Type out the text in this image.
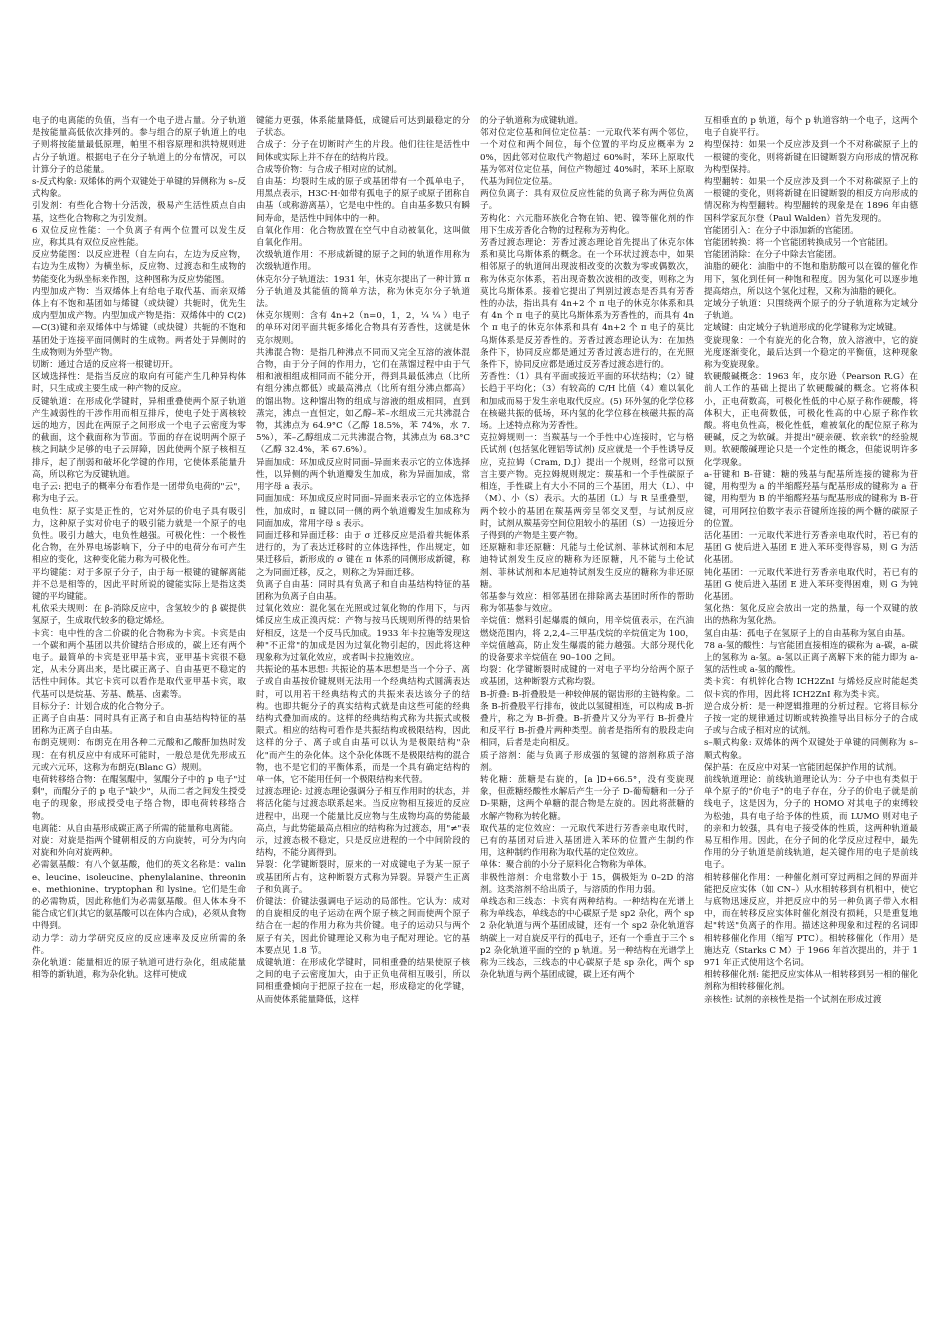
电子的电离能的负值，当有一个电子进占量。分子轨道是按能量高低依次排列的。参与组合的原子轨道上的电子则将按能量最低原理，帕里不相容原理和洪特规则进占分子轨道。根据电子在分子轨道上的分布情况，可以计算分子的总能量。

s-反式构象: 双烯体的两个双键处于单键的异侧称为 s–反式构象。

引发剂：有些化合物十分活泼，极易产生活性质点自由基，这些化合物称之为引发剂。

6 双位反应性能：一个负离子有两个位置可以发生反应，称其具有双位反应性能。

反应势能图：以反应进程（自左向右，左边为反应物，右边为生成物）为横坐标，反应物、过渡态和生成物的势能变化为纵坐标来作图，这种图称为反应势能图。

内型加成产物：当双烯体上有给电子取代基、而亲双烯体上有不饱和基团如与烯键（或炔键）共轭时，优先生成内型加成产物。内型加成产物是指：双烯体中的 C(2)—C(3)键和亲双烯体中与烯键（或炔键）共轭的不饱和基团处于连接平面同侧时的生成物。两者处于异侧时的生成物则为外型产物。

切断：通过合适的反应将一根键切开。

区域选择性：是指当反应的取向有可能产生几种异构体时，只生成或主要生成一种产物的反应。

反键轨道：在形成化学键时，异相重叠使两个原子轨道产生减弱性的干涉作用而相互排斥，使电子处于离核较远的地方，因此在两原子之间形成一个电子云密度为零的截面，这个截面称为节面。节面的存在说明两个原子核之间缺少足够的电子云屏障，因此使两个原子核相互排斥，起了削弱和破坏化学键的作用，它使体系能量升高，所以称它为反键轨道。

电子云: 把电子的概率分布看作是一团带负电荷的"云"，称为电子云。

电负性：原子实是正性的，它对外层的价电子具有吸引力，这种原子实对价电子的吸引能力就是一个原子的电负性。吸引力越大，电负性越强。可极化性：一个极性化合物，在外界电场影响下，分子中的电荷分布可产生相应的变化，这种变化能力称为可极化性。

平均键能：对于多原子分子，由于每一根键的键解离能并不总是相等的，因此平时所说的键能实际上是指这类键的平均键能。

札依采夫规则：在 β-消除反应中，含氢较少的 β 碳提供氢原子，生成取代较多的稳定烯烃。

卡宾：电中性的含二价碳的化合物称为卡宾。卡宾是由一个碳和两个基团以共价键结合形成的，碳上还有两个电子。最简单的卡宾是亚甲基卡宾，亚甲基卡宾很不稳定，从未分离出来，是比碳正离子、自由基更不稳定的活性中间体。其它卡宾可以看作是取代亚甲基卡宾，取代基可以是烷基、芳基、酰基、卤素等。

目标分子：计划合成的化合物分子。

正离子自由基：同时具有正离子和自由基结构特征的基团称为正离子自由基。

布朗克规则：布朗克在用各种二元酸和乙酸酐加热时发现：在有机反应中有成环可能时，一般总是优先形成五元或六元环，这称为布朗克(Blanc G）规则。

电荷转移络合物：在醌氢醌中，氢醌分子中的 p 电子"过剩"，而醌分子的 p 电子"缺少"，从而二者之间发生授受电子的现象，形成授受电子络合物，即电荷转移络合物。

电离能：从自由基形成碳正离子所需的能量称电离能。

对旋：对旋是指两个键朝相反的方向旋转，可分为内向对旋和外向对旋两种。

必需氨基酸：有八个氨基酸，他们的英文名称是：valine、leucine、isoleucine、phenylalanine、threonine、methionine、tryptophan 和 lysine。它们是生命的必需物质，因此称他们为必需氨基酸。但人体本身不能合成它们(其它的氨基酸可以在体内合成)，必须从食物中得到。

动力学：动力学研究反应的反应速率及反应所需的条件。

杂化轨道：能量相近的原子轨道可进行杂化，组成能量相等的新轨道，称为杂化轨。这样可使成

键能力更强，体系能量降低，成键后可达到最稳定的分子状态。

合成子：分子在切断时产生的片段。他们往往是活性中间体或实际上并不存在的结构片段。

合成等价物：与合成子相对应的试剂。

自由基：均裂时生成的原子或基团带有一个孤单电子，用黑点表示，H3C·H·如带有孤电子的原子或原子团称自由基（或称游离基），它是电中性的。自由基多数只有瞬间寿命，是活性中间体中的一种。

自氧化作用：化合物放置在空气中自动被氧化，这叫做自氧化作用。

次级轨道作用：不形成新键的原子之间的轨道作用称为次级轨道作用。

休克尔分子轨道法：1931 年，休克尔提出了一种计算 π 分子轨道及其能值的简单方法，称为休克尔分子轨道法。

休克尔规则：含有 4n+2（n=0，1，2，¼ ¼ ）电子的单环对闭平面共轭多烯化合物具有芳香性，这就是休克尔规则。

共沸混合物：是指几种沸点不同而又完全互溶的液体混合物，由于分子间的作用力，它们在蒸馏过程中由于气相和液相组成相同而不能分开，得到具最低沸点（比所有组分沸点都低）或最高沸点（比所有组分沸点都高）的馏出物。这种馏出物的组成与溶液的组成相同，直到蒸完，沸点一直恒定，如乙醇–苯–水组成三元共沸混合物，其沸点为 64.9°C（乙醇 18.5%，苯 74%，水 7.5%），苯–乙醇组成二元共沸混合物，其沸点为 68.3°C（乙醇 32.4%，苯 67.6%）。

异面加成：环加成反应时同面–异面来表示它的立体选择性，以异侧的两个轨道瓣发生加成，称为异面加成，常用字母 a 表示。

同面加成：环加成反应时同面–异面来表示它的立体选择性，加成时，π 键以同一侧的两个轨道瓣发生加成称为同面加成，常用字母 s 表示。

同面迁移和异面迁移：由于 σ 迁移反应是沿着共轭体系进行的，为了表达迁移时的立体选择性，作出规定，如果迁移后，新形成的 σ 键在 π 体系的同侧形成新键，称之为同面迁移，反之，则称之为异面迁移。

负离子自由基：同时具有负离子和自由基结构特征的基团称为负离子自由基。

过氧化效应：混化氢在光照或过氧化物的作用下，与丙烯反应生成正溴丙烷：产物与按马氏规则所得的结果恰好相反，这是一个反马氏加成。1933 年卡拉施等发现这种"不正常"的加成是因为过氧化物引起的，因此将这种现象称为过氧化效应，或者叫卡拉施效应。

共振论的基本思想: 共振论的基本思想是当一个分子、离子或自由基按价键规则无法用一个经典结构式圆满表达时，可以用若干经典结构式的共振来表达该分子的结构。也即共轭分子的真实结构式就是由这些可能的经典结构式叠加而成的。这样的经典结构式称为共振式或极限式。相应的结构可看作是共振结构或极限结构，因此这样的分子、离子或自由基可以认为是极限结构"杂化"而产生的杂化体。这个杂化体既不是极限结构的混合物，也不是它们的平衡体系，而是一个具有确定结构的单一体，它不能用任何一个极限结构来代替。

过渡态理论: 过渡态理论强调分子相互作用时的状态，并将活化能与过渡态联系起来。当反应物相互接近的反应进程中，出现一个能量比反应物与生成物均高的势能最高点，与此势能最高点相应的结构称为过渡态，用"≠"表示，过渡态极不稳定，只是反应进程的一个中间阶段的结构，不能分离得到。

异裂：化学键断裂时，原来的一对成键电子为某一原子或基团所占有，这种断裂方式称为异裂。异裂产生正离子和负离子。

价键法：价键法强调电子运动的局部性。它认为：成对的自旋相反的电子运动在两个原子核之间而使两个原子结合在一起的作用力称为共价键。电子的运动只与两个原子有关，因此价键理论又称为电子配对理论。它的基本要点见 1.8 节。

成键轨道：在形成化学键时，同相重叠的结果使原子核之间的电子云密度加大，由于正负电荷相互吸引，所以同相重叠倾向于把原子拉在一起，形成稳定的化学键，从而使体系能量降低，这样

的分子轨道称为成键轨道。

邻对位定位基和间位定位基：一元取代苯有两个邻位，一个对位和两个间位，每个位置的平均反应概率为 20%，因此邻对位取代产物超过 60%时，苯环上原取代基为邻对位定位基，间位产物超过 40%时，苯环上原取代基为间位定位基。

两位负离子：具有双位反应性能的负离子称为两位负离子。

芳构化：六元脂环族化合物在铂、钯、镍等催化剂的作用下生成芳香化合物的过程称为芳构化。

芳香过渡态理论：芳香过渡态理论首先提出了休克尔体系和莫比乌斯体系的概念。在一个环状过渡态中，如果相邻原子的轨道间出现波相改变的次数为零或偶数次，称为休克尔体系，若出现奇数次波相的改变，则称之为莫比乌斯体系。接着它提出了判别过渡态是否具有芳香性的办法，指出具有 4n+2 个 π 电子的休克尔体系和具有 4n 个 π 电子的莫比乌斯体系为芳香性的，而具有 4n 个 π 电子的休克尔体系和具有 4n+2 个 π 电子的莫比乌斯体系是反芳香性的。芳香过渡态理论认为：在加热条件下，协同反应都是通过芳香过渡态进行的，在光照条件下，协同反应都是通过反芳香过渡态进行的。

芳香性：（1）具有平面或接近平面的环状结构；（2）键长趋于平均化；（3）有较高的 C/H 比值（4）难以氧化和加成而易于发生亲电取代反应。(5) 环外氢的化学位移在核磁共振的低场，环内氢的化学位移在核磁共振的高场。上述特点称为芳香性。

克拉姆规则一：当羰基与一个手性中心连接时，它与格氏试剂 (包括氢化锂铝等试剂) 反应就是一个手性诱导反应，克拉姆（Cram, D.J）提出一个规则，经常可以预言主要产物。克拉姆规则规定：羰基和一个手性碳原子相连，手性碳上有大小不同的三个基团，用大（L）、中（M）、小（S）表示。大的基团（L）与 R 呈重叠型，两个较小的基团在羰基两旁呈邻交叉型，与试剂反应时，试剂从羰基旁空间位阻较小的基团（S）一边接近分子得到的产物是主要产物。

还原糖和非还原糖：凡能与土伦试剂、菲林试剂和本尼迪特试剂发生反应的糖称为还原糖，凡不能与土伦试剂、菲林试剂和本尼迪特试剂发生反应的糖称为非还原糖。

邻基参与效应：相邻基团在排除离去基团时所作的帮助称为邻基参与效应。

辛烷值：燃料引起爆震的倾向，用辛烷值表示，在汽油燃烧范围内，将 2,2,4–三甲基戊烷的辛烷值定为 100，辛烷值越高，防止发生爆震的能力越强。大部分现代化的设备要求辛烷值在 90–100 之间。

均裂：化学键断裂时成键的一对电子平均分给两个原子或基团，这种断裂方式称均裂。

B-折叠: B-折叠股是一种较伸展的锯齿形的主链构象。二条 B-折叠股平行排布，彼此以氢键相连，可以构成 B-折叠片，称之为 B-折叠。B-折叠片又分为平行 B-折叠片和反平行 B-折叠片两种类型。前者是指所有的股段走向相同，后者是走向相反。

质子溶剂：能与负离子形成强的氢键的溶剂称质子溶剂。

转化糖：蔗糖是右旋的，[a ]D+66.5°，没有变旋现象，但蔗糖经酸性水解后产生一分子 D-葡萄糖和一分子 D-果糖，这两个单糖的混合物是左旋的。因此将蔗糖的水解产物称为转化糖。

取代基的定位效应：一元取代苯进行芳香亲电取代时，已有的基团对后进入基团进入苯环的位置产生制约作用，这种制约作用称为取代基的定位效应。

单体：聚合前的小分子原料化合物称为单体。

非极性溶剂：介电常数小于 15，偶极矩为 0–2D 的溶剂。这类溶剂不给出质子，与溶质的作用力弱。

单线态和三线态：卡宾有两种结构。一种结构在光谱上称为单线态，单线态的中心碳原子是 sp2 杂化，两个 sp2 杂化轨道与两个基团成键，还有一个 sp2 杂化轨道容纳碳上一对自旋反平行的孤电子，还有一个垂直于三个 sp2 杂化轨道平面的空的 p 轨道。另一种结构在光谱学上称为三线态，三线态的中心碳原子是 sp 杂化，两个 sp 杂化轨道与两个基团成键，碳上还有两个

互相垂直的 p 轨道，每个 p 轨道容纳一个电子，这两个电子自旋平行。

构型保持：如果一个反应涉及到一个不对称碳原子上的一根键的变化，则将新键在旧键断裂方向形成的情况称为构型保持。

构型翻转：如果一个反应涉及到一个不对称碳原子上的一根键的变化，则将新键在旧键断裂的相反方向形成的情况称为构型翻转。构型翻转的现象是在 1896 年由德国科学家瓦尔登（Paul Walden）首先发现的。

官能团引入：在分子中添加新的官能团。

官能团转换：将一个官能团转换成另一个官能团。

官能团消除：在分子中除去官能团。

油脂的硬化：油脂中的不饱和脂肪酸可以在镍的催化作用下，氢化到任何一种饱和程度。因为氢化可以逐步地提高熔点，所以这个氢化过程，又称为油脂的硬化。

定域分子轨道：只围绕两个原子的分子轨道称为定域分子轨道。

定域键：由定域分子轨道形成的化学键称为定域键。

变旋现象：一个有旋光的化合物，放入溶液中，它的旋光度逐渐变化，最后达到一个稳定的平衡值，这种现象称为变旋现象。

软硬酸碱概念：1963 年，皮尔逊（Pearson R.G）在前人工作的基础上提出了软硬酸碱的概念。它将体积小，正电荷数高，可极化性低的中心原子称作硬酸，将体积大，正电荷数低，可极化性高的中心原子称作软酸。将电负性高，极化性低，难被氧化的配位原子称为硬碱，反之为软碱。并提出"硬亲硬、软亲软"的经验规则。软硬酸碱理论只是一个定性的概念，但能说明许多化学现象。

a-苷键和 B-苷键：糖的残基与配基所连接的键称为苷键，用构型为 a 的半缩醛羟基与配基形成的键称为 a 苷键，用构型为 B 的半缩醛羟基与配基形成的键称为 B-苷键，可用阿拉伯数字表示苷键所连接的两个糖的碳原子的位置。

活化基团：一元取代苯进行芳香亲电取代时，若已有的基团 G 使后进入基团 E 进入苯环变得容易，则 G 为活化基团。

钝化基团：一元取代苯进行芳香亲电取代时，若已有的基团 G 使后进入基团 E 进入苯环变得困难，则 G 为钝化基团。

氢化热：氢化反应会放出一定的热量，每一个双键的放出的热称为氢化热。

氢自由基：孤电子在氢原子上的自由基称为氢自由基。

78 a-氢的酸性：与官能团直接相连的碳称为 a-碳，a-碳上的氢称为 a-氢。a-氢以正离子离解下来的能力即为 a-氢的活性或 a-氢的酸性。

类卡宾：有机锌化合物 ICH2ZnI 与烯烃反应时能起类似卡宾的作用，因此将 ICH2ZnI 称为类卡宾。

逆合成分析：是一种逻辑推理的分析过程。它将目标分子按一定的规律通过切断或转换推导出目标分子的合成子或与合成子相对应的试剂。

s–顺式构象: 双烯体的两个双键处于单键的同侧称为 s–顺式构象。

保护基：在反应中对某一官能团起保护作用的试剂。

前线轨道理论：前线轨道理论认为：分子中也有类似于单个原子的"价电子"的电子存在，分子的价电子就是前线电子，这是因为，分子的 HOMO 对其电子的束缚较为松弛，具有电子给予体的性质，而 LUMO 则对电子的亲和力较强，具有电子接受体的性质，这两种轨道最易互相作用。因此，在分子间的化学反应过程中，最先作用的分子轨道是前线轨道，起关键作用的电子是前线电子。

相转移催化作用：一种催化剂可穿过两相之间的界面并能把反应实体（如 CN–）从水相转移到有机相中，使它与底物迅速反应，并把反应中的另一种负离子带入水相中，而在转移反应实体时催化剂没有损耗，只是重复地起"转送"负离子的作用。描述这种现象和过程的名词即相转移催化作用（缩写 PTC）。相转移催化（作用）是施达克（Starks C M）于 1966 年首次提出的，并于 1971 年正式使用这个名词。

相转移催化剂: 能把反应实体从一相转移到另一相的催化剂称为相转移催化剂。

亲核性: 试剂的亲核性是指一个试剂在形成过渡
